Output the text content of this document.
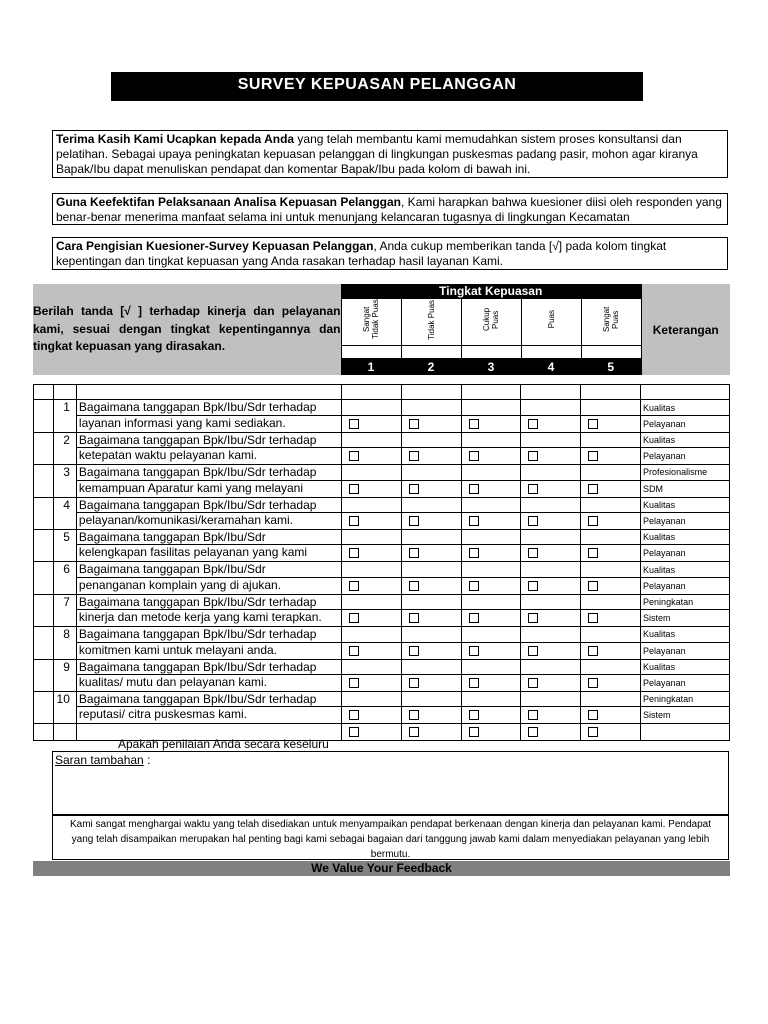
SURVEY KEPUASAN PELANGGAN
Terima Kasih Kami Ucapkan kepada Anda yang telah membantu kami memudahkan sistem proses konsultansi dan pelatihan. Sebagai upaya peningkatan kepuasan pelanggan di lingkungan puskesmas padang pasir, mohon agar kiranya Bapak/Ibu dapat menuliskan pendapat dan komentar Bapak/Ibu pada kolom di bawah ini.
Guna Keefektifan Pelaksanaan Analisa Kepuasan Pelanggan, Kami harapkan bahwa kuesioner diisi oleh responden yang benar-benar menerima manfaat selama ini untuk menunjang kelancaran tugasnya di lingkungan Kecamatan
Cara Pengisian Kuesioner-Survey Kepuasan Pelanggan, Anda cukup memberikan tanda [√] pada kolom tingkat kepentingan dan tingkat kepuasan yang Anda rasakan terhadap hasil layanan Kami.
Berilah tanda [√ ] terhadap kinerja dan pelayanan kami, sesuai dengan tingkat kepentingannya dan tingkat kepuasan yang dirasakan.	Tingkat Kepuasan					Keterangan
	Sangat Tidak Puas	Tidak Puas	Cukup Puas	Puas	Sangat Puas	

	1	2	3	4	5	

	1	Bagaimana tanggapan Bpk/Ibu/Sdr terhadap						Kualitas
		layanan informasi yang kami sediakan.						Pelayanan
	2	Bagaimana tanggapan Bpk/Ibu/Sdr terhadap						Kualitas
		ketepatan waktu pelayanan kami.						Pelayanan
	3	Bagaimana tanggapan Bpk/Ibu/Sdr terhadap						Profesionalisme
		kemampuan Aparatur kami yang melayani						SDM
	4	Bagaimana tanggapan Bpk/Ibu/Sdr terhadap						Kualitas
		pelayanan/komunikasi/keramahan kami.						Pelayanan
	5	Bagaimana tanggapan Bpk/Ibu/Sdr						Kualitas
		kelengkapan fasilitas pelayanan yang kami						Pelayanan
	6	Bagaimana tanggapan Bpk/Ibu/Sdr						Kualitas
		penanganan komplain yang di ajukan.						Pelayanan
	7	Bagaimana tanggapan Bpk/Ibu/Sdr terhadap						Peningkatan
		kinerja dan metode kerja yang kami terapkan.						Sistem
	8	Bagaimana tanggapan Bpk/Ibu/Sdr terhadap						Kualitas
		komitmen kami untuk melayani anda.						Pelayanan
	9	Bagaimana tanggapan Bpk/Ibu/Sdr terhadap						Kualitas
		kualitas/ mutu dan pelayanan kami.						Pelayanan
	10	Bagaimana tanggapan Bpk/Ibu/Sdr terhadap						Peningkatan
		reputasi/ citra puskesmas kami.						Sistem

Apakah penilaian Anda secara keseluru
Saran tambahan :
Kami sangat menghargai waktu yang telah disediakan untuk menyampaikan pendapat berkenaan dengan kinerja dan pelayanan kami. Pendapat yang telah disampaikan merupakan hal penting bagi kami sebagai bagaian dari tanggung jawab kami dalam menyediakan pelayanan yang lebih bermutu.
We Value Your Feedback
